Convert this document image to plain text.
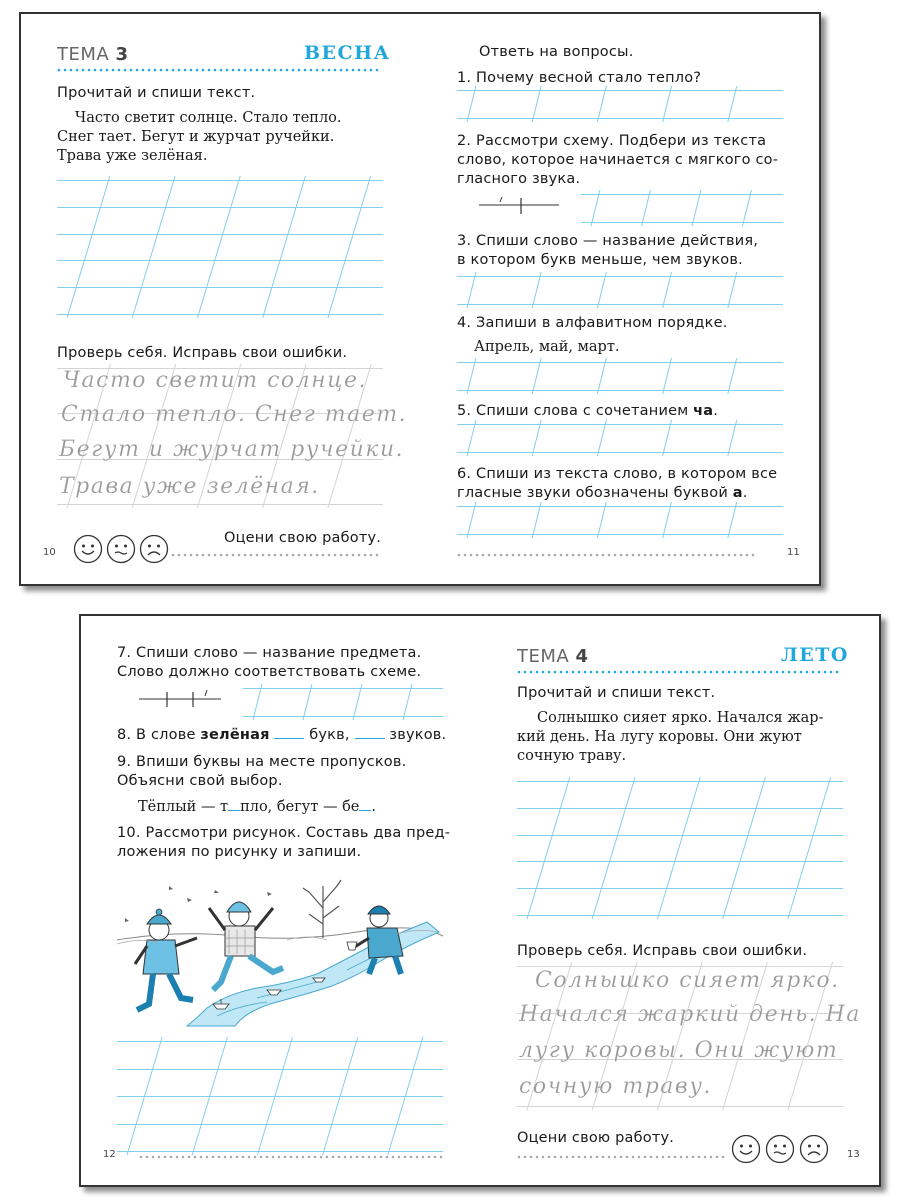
ТЕМА 3	ВЕСНА
Прочитай и спиши текст.
Часто светит солнце. Стало тепло.
Снег тает. Бегут и журчат ручейки.
Трава уже зелёная.
Проверь себя. Исправь свои ошибки.
Часто светит солнце.
Стало тепло. Снег тает.
Бегут и журчат ручейки.
Трава уже зелёная.
Оцени свою работу.
10
Ответь на вопросы.
1. Почему весной стало тепло?
2. Рассмотри схему. Подбери из текста
слово, которое начинается с мягкого со-
гласного звука.
3. Спиши слово — название действия,
в котором букв меньше, чем звуков.
4. Запиши в алфавитном порядке.
Апрель, май, март.
5. Спиши слова с сочетанием ча.
6. Спиши из текста слово, в котором все
гласные звуки обозначены буквой а.
11
7. Спиши слово — название предмета.
Слово должно соответствовать схеме.
8. В слове зелёная  букв,  звуков.
9. Впиши буквы на месте пропусков.
Объясни свой выбор.
Тёплый — т пло, бегут — бе .
10. Рассмотри рисунок. Составь два пред-
ложения по рисунку и запиши.
12
ТЕМА 4	ЛЕТО
Прочитай и спиши текст.
Солнышко сияет ярко. Начался жар-
кий день. На лугу коровы. Они жуют
сочную траву.
Проверь себя. Исправь свои ошибки.
Солнышко сияет ярко.
Начался жаркий день. На
лугу коровы. Они жуют
сочную траву.
Оцени свою работу.
13
